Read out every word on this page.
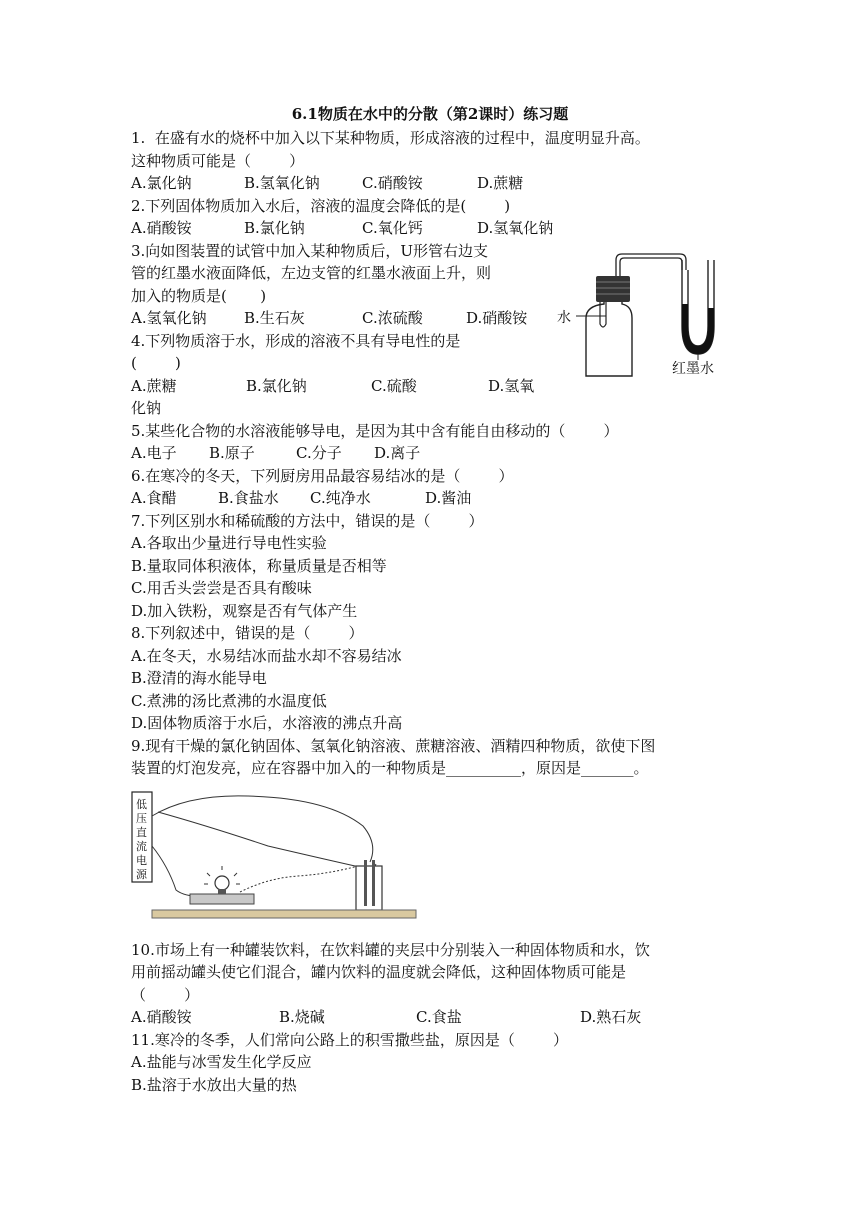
6.1物质在水中的分散（第2课时）练习题
1.  在盛有水的烧杯中加入以下某种物质，形成溶液的过程中，温度明显升高。
这种物质可能是（        ）
A.氯化钠	B.氢氧化钠	C.硝酸铵	D.蔗糖
2.下列固体物质加入水后，溶液的温度会降低的是(        )
A.硝酸铵	B.氯化钠	C.氧化钙	D.氢氧化钠
3.向如图装置的试管中加入某种物质后，U形管右边支
管的红墨水液面降低，左边支管的红墨水液面上升，则
加入的物质是(       )
A.氢氧化钠 B.生石灰	C.浓硫酸	D.硝酸铵 水
红墨水
4.下列物质溶于水，形成的溶液不具有导电性的是
(        )
A.蔗糖	B.氯化钠	C.硫酸	D.氢氧
化钠
5.某些化合物的水溶液能够导电，是因为其中含有能自由移动的（        ）
A.电子 B.原子	C.分子 D.离子
6.在寒冷的冬天，下列厨房用品最容易结冰的是（        ）
A.食醋	B.食盐水 C.纯净水	D.酱油
7.下列区别水和稀硫酸的方法中，错误的是（        ）
A.各取出少量进行导电性实验
B.量取同体积液体，称量质量是否相等
C.用舌头尝尝是否具有酸味
D.加入铁粉，观察是否有气体产生
8.下列叙述中，错误的是（        ）
A.在冬天，水易结冰而盐水却不容易结冰
B.澄清的海水能导电
C.煮沸的汤比煮沸的水温度低
D.固体物质溶于水后，水溶液的沸点升高
9.现有干燥的氯化钠固体、氢氧化钠溶液、蔗糖溶液、酒精四种物质，欲使下图
装置的灯泡发亮，应在容器中加入的一种物质是__________，原因是_______。
低
压
直
流
电
源
10.市场上有一种罐装饮料，在饮料罐的夹层中分别装入一种固体物质和水，饮
用前摇动罐头使它们混合，罐内饮料的温度就会降低，这种固体物质可能是
（        ）
A.硝酸铵	B.烧碱	C.食盐	D.熟石灰
11.寒冷的冬季，人们常向公路上的积雪撒些盐，原因是（        ）
A.盐能与冰雪发生化学反应
B.盐溶于水放出大量的热
